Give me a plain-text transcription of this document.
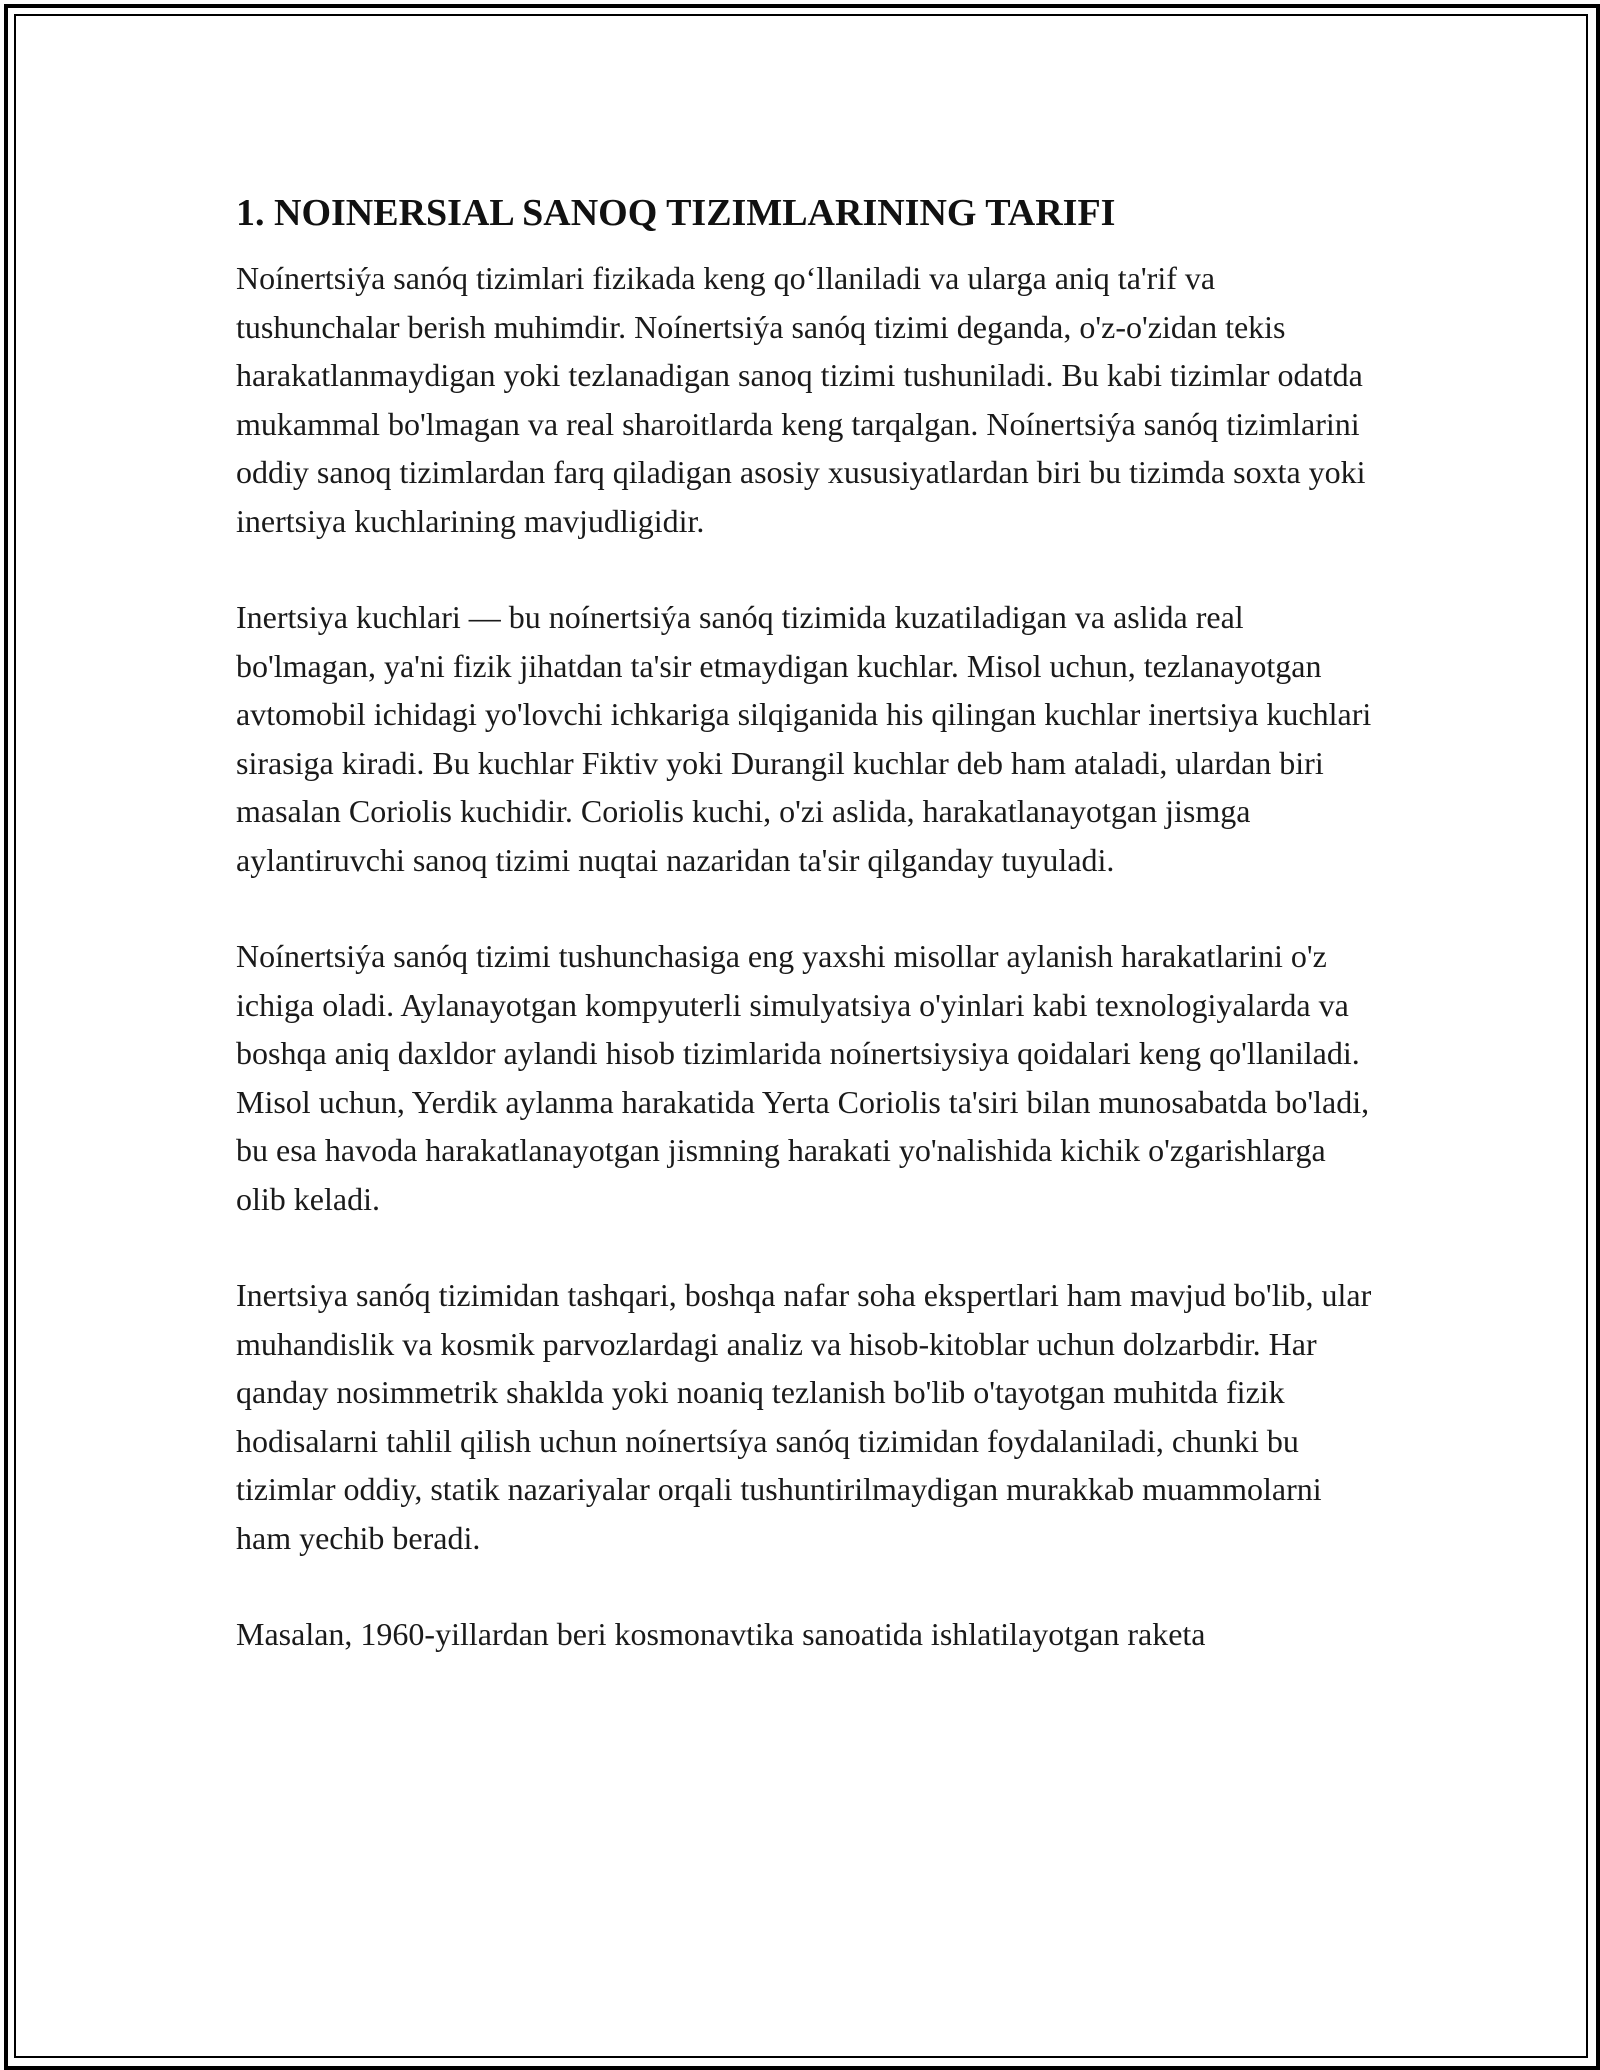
1. NOINERSIAL SANOQ TIZIMLARINING TARIFI

Noínertsiýa sanóq tizimlari fizikada keng qo‘llaniladi va ularga aniq ta'rif va tushunchalar berish muhimdir. Noínertsiýa sanóq tizimi deganda, o'z-o'zidan tekis harakatlanmaydigan yoki tezlanadigan sanoq tizimi tushuniladi. Bu kabi tizimlar odatda mukammal bo'lmagan va real sharoitlarda keng tarqalgan. Noínertsiýa sanóq tizimlarini oddiy sanoq tizimlardan farq qiladigan asosiy xususiyatlardan biri bu tizimda soxta yoki inertsiya kuchlarining mavjudligidir.

Inertsiya kuchlari — bu noínertsiýa sanóq tizimida kuzatiladigan va aslida real bo'lmagan, ya'ni fizik jihatdan ta'sir etmaydigan kuchlar. Misol uchun, tezlanayotgan avtomobil ichidagi yo'lovchi ichkariga silqiganida his qilingan kuchlar inertsiya kuchlari sirasiga kiradi. Bu kuchlar Fiktiv yoki Durangil kuchlar deb ham ataladi, ulardan biri masalan Coriolis kuchidir. Coriolis kuchi, o'zi aslida, harakatlanayotgan jismga aylantiruvchi sanoq tizimi nuqtai nazaridan ta'sir qilganday tuyuladi.

Noínertsiýa sanóq tizimi tushunchasiga eng yaxshi misollar aylanish harakatlarini o'z ichiga oladi. Aylanayotgan kompyuterli simulyatsiya o'yinlari kabi texnologiyalarda va boshqa aniq daxldor aylandi hisob tizimlarida noínertsiysiya qoidalari keng qo'llaniladi. Misol uchun, Yerdik aylanma harakatida Yerta Coriolis ta'siri bilan munosabatda bo'ladi, bu esa havoda harakatlanayotgan jismning harakati yo'nalishida kichik o'zgarishlarga olib keladi.

Inertsiya sanóq tizimidan tashqari, boshqa nafar soha ekspertlari ham mavjud bo'lib, ular muhandislik va kosmik parvozlardagi analiz va hisob-kitoblar uchun dolzarbdir. Har qanday nosimmetrik shaklda yoki noaniq tezlanish bo'lib o'tayotgan muhitda fizik hodisalarni tahlil qilish uchun noínertsíya sanóq tizimidan foydalaniladi, chunki bu tizimlar oddiy, statik nazariyalar orqali tushuntirilmaydigan murakkab muammolarni ham yechib beradi.

Masalan, 1960-yillardan beri kosmonavtika sanoatida ishlatilayotgan raketa
